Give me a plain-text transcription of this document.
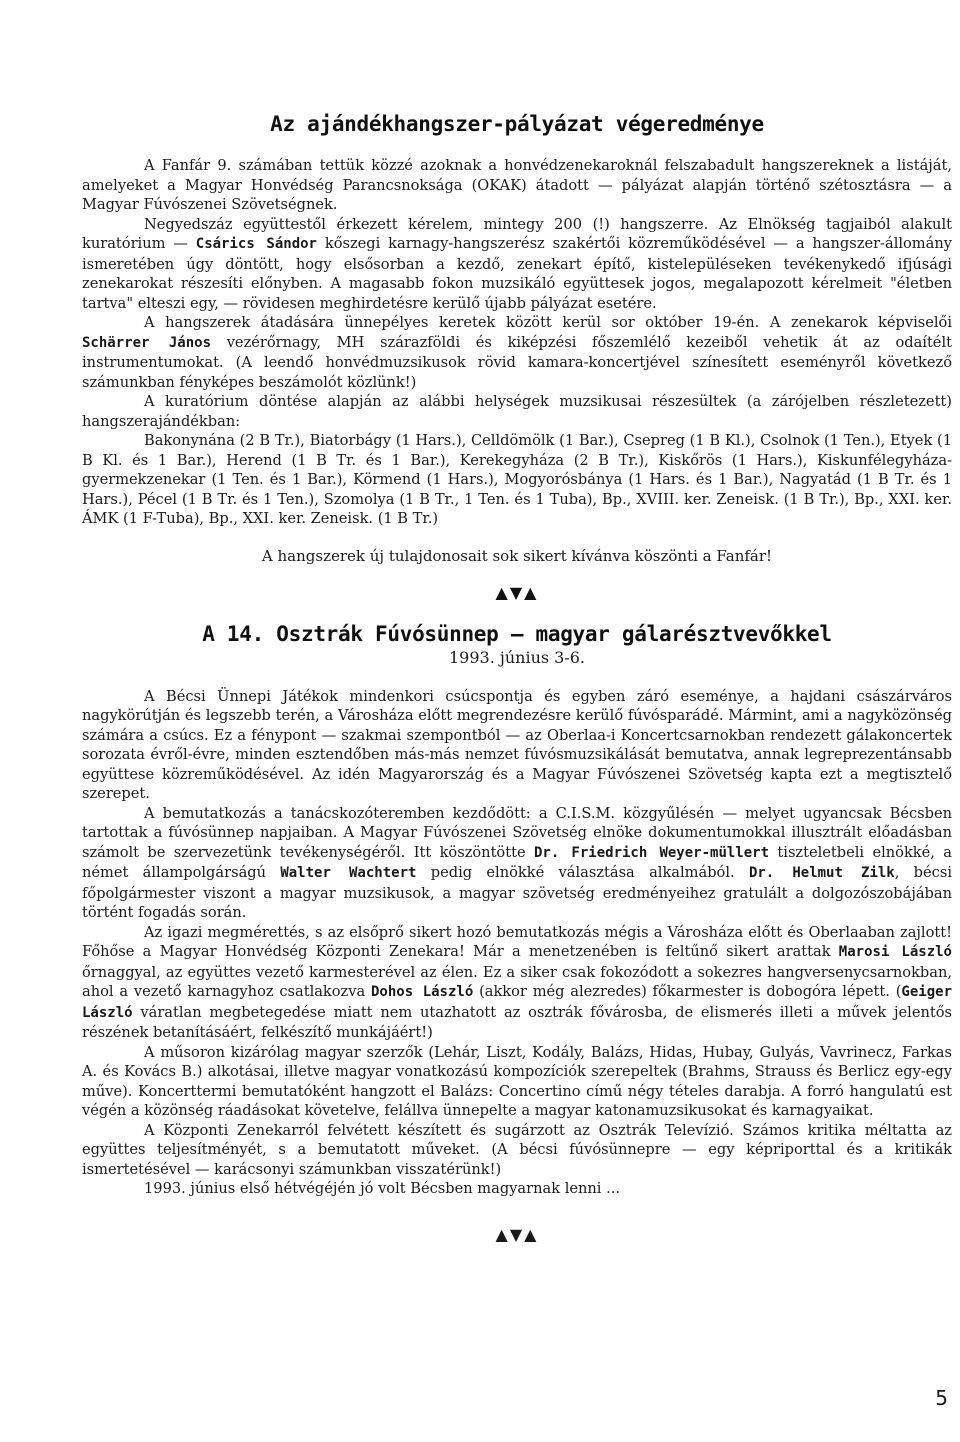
Az ajándékhangszer-pályázat végeredménye

A Fanfár 9. számában tettük közzé azoknak a honvédzenekaroknál felszabadult hangszereknek a listáját, amelyeket a Magyar Honvédség Parancsnoksága (OKAK) átadott — pályázat alapján történő szétosztásra — a Magyar Fúvószenei Szövetségnek.

Negyedszáz együttestől érkezett kérelem, mintegy 200 (!) hangszerre. Az Elnökség tagjaiból alakult kuratórium — Csárics Sándor kőszegi karnagy-hangszerész szakértői közreműködésével — a hangszer-állomány ismeretében úgy döntött, hogy elsősorban a kezdő, zenekart építő, kistelepüléseken tevékenykedő ifjúsági zenekarokat részesíti előnyben. A magasabb fokon muzsikáló együttesek jogos, megalapozott kérelmeit "életben tartva" elteszi egy, — rövidesen meghirdetésre kerülő újabb pályázat esetére.

A hangszerek átadására ünnepélyes keretek között kerül sor október 19-én. A zenekarok képviselői Schärrer János vezérőrnagy, MH szárazföldi és kiképzési főszemlélő kezeiből vehetik át az odaítélt instrumentumokat. (A leendő honvédmuzsikusok rövid kamara-koncertjével színesített eseményről következő számunkban fényképes beszámolót közlünk!)

A kuratórium döntése alapján az alábbi helységek muzsikusai részesültek (a zárójelben részletezett) hangszerajándékban:

Bakonynána (2 B Tr.), Biatorbágy (1 Hars.), Celldömölk (1 Bar.), Csepreg (1 B Kl.), Csolnok (1 Ten.), Etyek (1 B Kl. és 1 Bar.), Herend (1 B Tr. és 1 Bar.), Kerekegyháza (2 B Tr.), Kiskőrös (1 Hars.), Kiskunfélegyháza-gyermekzenekar (1 Ten. és 1 Bar.), Körmend (1 Hars.), Mogyorósbánya (1 Hars. és 1 Bar.), Nagyatád (1 B Tr. és 1 Hars.), Pécel (1 B Tr. és 1 Ten.), Szomolya (1 B Tr., 1 Ten. és 1 Tuba), Bp., XVIII. ker. Zeneisk. (1 B Tr.), Bp., XXI. ker. ÁMK (1 F-Tuba), Bp., XXI. ker. Zeneisk. (1 B Tr.)

A hangszerek új tulajdonosait sok sikert kívánva köszönti a Fanfár!
▲▼▲
A 14. Osztrák Fúvósünnep — magyar gálarésztvevőkkel
1993. június 3-6.

A Bécsi Ünnepi Játékok mindenkori csúcspontja és egyben záró eseménye, a hajdani császárváros nagykörútján és legszebb terén, a Városháza előtt megrendezésre kerülő fúvósparádé. Mármint, ami a nagyközönség számára a csúcs. Ez a fénypont — szakmai szempontból — az Oberlaa-i Koncertcsarnokban rendezett gálakoncertek sorozata évről-évre, minden esztendőben más-más nemzet fúvósmuzsikálását bemutatva, annak legreprezentánsabb együttese közreműködésével. Az idén Magyarország és a Magyar Fúvószenei Szövetség kapta ezt a megtisztelő szerepet.

A bemutatkozás a tanácskozóteremben kezdődött: a C.I.S.M. közgyűlésén — melyet ugyancsak Bécsben tartottak a fúvósünnep napjaiban. A Magyar Fúvószenei Szövetség elnöke dokumentumokkal illusztrált előadásban számolt be szervezetünk tevékenységéről. Itt köszöntötte Dr. Friedrich Weyer-müllert tiszteletbeli elnökké, a német állampolgárságú Walter Wachtert pedig elnökké választása alkalmából. Dr. Helmut Zilk, bécsi főpolgármester viszont a magyar muzsikusok, a magyar szövetség eredményeihez gratulált a dolgozószobájában történt fogadás során.

Az igazi megmérettés, s az elsőprő sikert hozó bemutatkozás mégis a Városháza előtt és Oberlaaban zajlott! Főhőse a Magyar Honvédség Központi Zenekara! Már a menetzenében is feltűnő sikert arattak Marosi László őrnaggyal, az együttes vezető karmesterével az élen. Ez a siker csak fokozódott a sokezres hangversenycsarnokban, ahol a vezető karnagyhoz csatlakozva Dohos László (akkor még alezredes) főkarmester is dobogóra lépett. (Geiger László váratlan megbetegedése miatt nem utazhatott az osztrák fővárosba, de elismerés illeti a művek jelentős részének betanításáért, felkészítő munkájáért!)

A műsoron kizárólag magyar szerzők (Lehár, Liszt, Kodály, Balázs, Hidas, Hubay, Gulyás, Vavrinecz, Farkas A. és Kovács B.) alkotásai, illetve magyar vonatkozású kompozíciók szerepeltek (Brahms, Strauss és Berlicz egy-egy műve). Koncerttermi bemutatóként hangzott el Balázs: Concertino című négy tételes darabja. A forró hangulatú est végén a közönség ráadásokat követelve, felállva ünnepelte a magyar katonamuzsikusokat és karnagyaikat.

A Központi Zenekarról felvétett készített és sugárzott az Osztrák Televízió. Számos kritika méltatta az együttes teljesítményét, s a bemutatott műveket. (A bécsi fúvósünnepre — egy képriporttal és a kritikák ismertetésével — karácsonyi számunkban visszatérünk!)

1993. június első hétvégéjén jó volt Bécsben magyarnak lenni ...

▲▼▲
5
